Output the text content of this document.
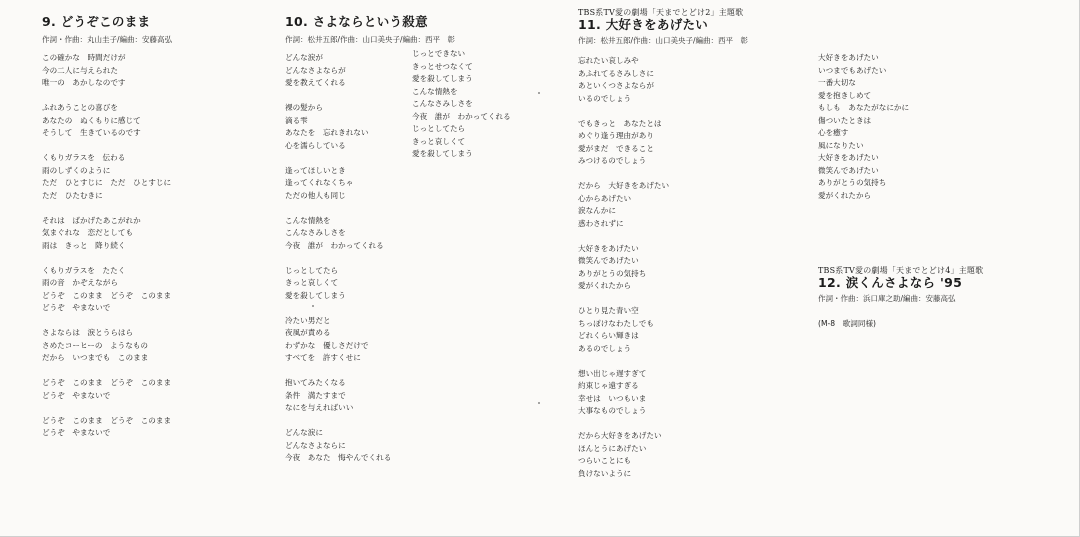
9. どうぞこのまま
作詞・作曲：丸山圭子/編曲：安藤高弘
この確かな　時間だけが
今の二人に与えられた
唯一の　あかしなのです
ふれあうことの喜びを
あなたの　ぬくもりに感じて
そうして　生きているのです
くもりガラスを　伝わる
雨のしずくのように
ただ　ひとすじに　ただ　ひとすじに
ただ　ひたむきに
それは　ばかげたあこがれか
気まぐれな　恋だとしても
雨は　きっと　降り続く
くもりガラスを　たたく
雨の音　かぞえながら
どうぞ　このまま　どうぞ　このまま
どうぞ　やまないで
さよならは　涙とうらはら
さめたコーヒーの　ようなもの
だから　いつまでも　このまま
どうぞ　このまま　どうぞ　このまま
どうぞ　やまないで
どうぞ　このまま　どうぞ　このまま
どうぞ　やまないで
10. さよならという殺意
作詞：松井五郎/作曲：山口美央子/編曲：西平　彰
どんな涙が
どんなさよならが
愛を教えてくれる
裸の髪から
滴る雫
あなたを　忘れきれない
心を濡らしている
逢ってほしいとき
逢ってくれなくちゃ
ただの他人も同じ
こんな情熱を
こんなさみしさを
今夜　誰が　わかってくれる
じっとしてたら
きっと哀しくて
愛を殺してしまう
冷たい男だと
夜風が責める
わずかな　優しさだけで
すべてを　許すくせに
抱いてみたくなる
条件　満たすまで
なにを与えればいい
どんな涙に
どんなさよならに
今夜　あなた　悔やんでくれる
じっとできない
きっとせつなくて
愛を殺してしまう
こんな情熱を
こんなさみしさを
今夜　誰が　わかってくれる
じっとしてたら
きっと哀しくて
愛を殺してしまう
TBS系TV愛の劇場「天までとどけ2」主題歌
11. 大好きをあげたい
作詞：松井五郎/作曲：山口美央子/編曲：西平　彰
忘れたい哀しみや
あふれてるさみしさに
あといくつさよならが
いるのでしょう
でもきっと　あなたとは
めぐり逢う理由があり
愛がまだ　できること
みつけるのでしょう
だから　大好きをあげたい
心からあげたい
涙なんかに
惑わされずに
大好きをあげたい
微笑んであげたい
ありがとうの気持ち
愛がくれたから
ひとり見た青い空
ちっぽけなわたしでも
どれくらい輝きは
あるのでしょう
想い出じゃ遅すぎて
約束じゃ遠すぎる
幸せは　いつもいま
大事なものでしょう
だから大好きをあげたい
ほんとうにあげたい
つらいことにも
負けないように
大好きをあげたい
いつまでもあげたい
一番大切な
愛を抱きしめて
もしも　あなたがなにかに
傷ついたときは
心を癒す
風になりたい
大好きをあげたい
微笑んであげたい
ありがとうの気持ち
愛がくれたから
TBS系TV愛の劇場「天までとどけ4」主題歌
12. 涙くんさよなら '95
作詞・作曲：浜口庫之助/編曲：安藤高弘
(M-8　歌詞同様)
